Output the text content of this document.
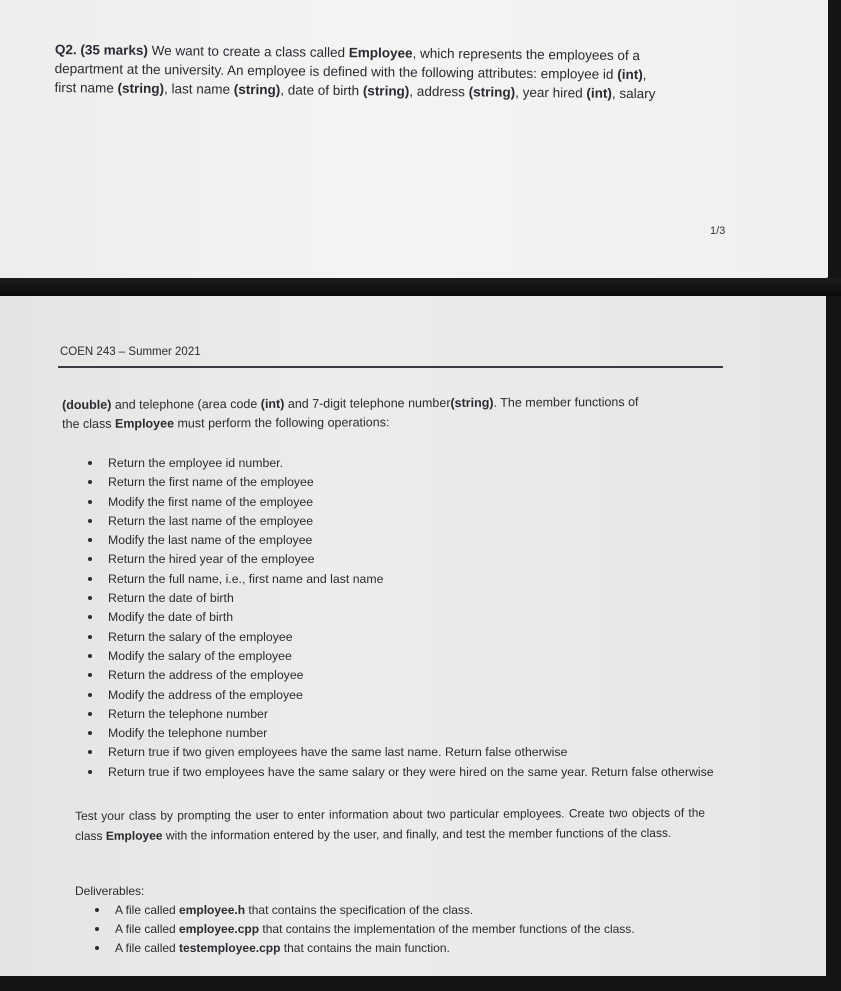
Q2. (35 marks) We want to create a class called Employee, which represents the employees of a
department at the university. An employee is defined with the following attributes: employee id (int),
first name (string), last name (string), date of birth (string), address (string), year hired (int), salary
1/3
COEN 243 – Summer 2021
(double) and telephone (area code (int) and 7-digit telephone number(string). The member functions of
the class Employee must perform the following operations:
Return the employee id number.
Return the first name of the employee
Modify the first name of the employee
Return the last name of the employee
Modify the last name of the employee
Return the hired year of the employee
Return the full name, i.e., first name and last name
Return the date of birth
Modify the date of birth
Return the salary of the employee
Modify the salary of the employee
Return the address of the employee
Modify the address of the employee
Return the telephone number
Modify the telephone number
Return true if two given employees have the same last name. Return false otherwise
Return true if two employees have the same salary or they were hired on the same year. Return false otherwise
Test your class by prompting the user to enter information about two particular employees. Create two objects of the class Employee with the information entered by the user, and finally, and test the member functions of the class.
Deliverables:
A file called employee.h that contains the specification of the class.
A file called employee.cpp that contains the implementation of the member functions of the class.
A file called testemployee.cpp that contains the main function.
